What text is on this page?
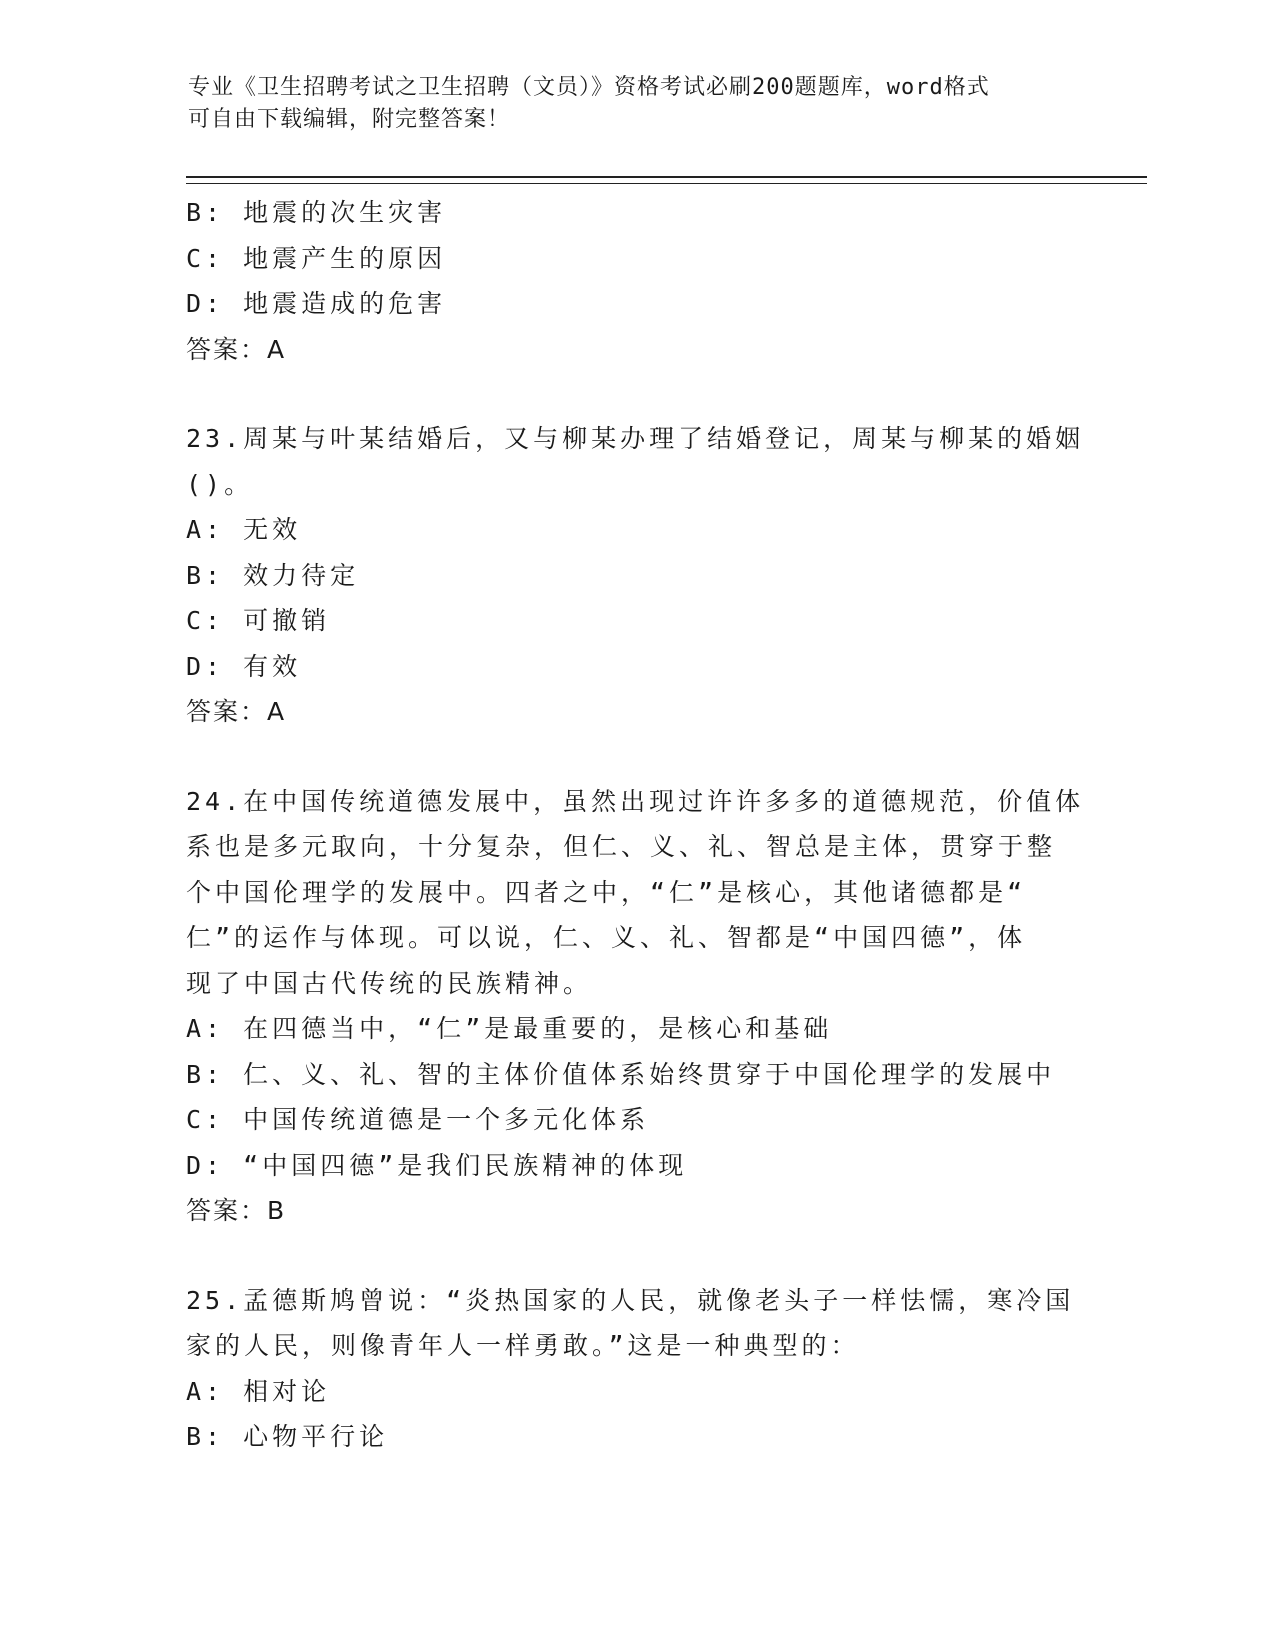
专业《卫生招聘考试之卫生招聘（文员）》资格考试必刷200题题库，word格式
可自由下载编辑，附完整答案！
B: 地震的次生灾害
C: 地震产生的原因
D: 地震造成的危害
答案：A
23.周某与叶某结婚后，又与柳某办理了结婚登记，周某与柳某的婚姻
()。
A: 无效
B: 效力待定
C: 可撤销
D: 有效
答案：A
24.在中国传统道德发展中，虽然出现过许许多多的道德规范，价值体
系也是多元取向，十分复杂，但仁、义、礼、智总是主体，贯穿于整
个中国伦理学的发展中。四者之中，“仁”是核心，其他诸德都是“
仁”的运作与体现。可以说，仁、义、礼、智都是“中国四德”，体
现了中国古代传统的民族精神。
A: 在四德当中，“仁”是最重要的，是核心和基础
B: 仁、义、礼、智的主体价值体系始终贯穿于中国伦理学的发展中
C: 中国传统道德是一个多元化体系
D: “中国四德”是我们民族精神的体现
答案：B
25.孟德斯鸠曾说：“炎热国家的人民，就像老头子一样怯懦，寒冷国
家的人民，则像青年人一样勇敢。”这是一种典型的：
A: 相对论
B: 心物平行论
